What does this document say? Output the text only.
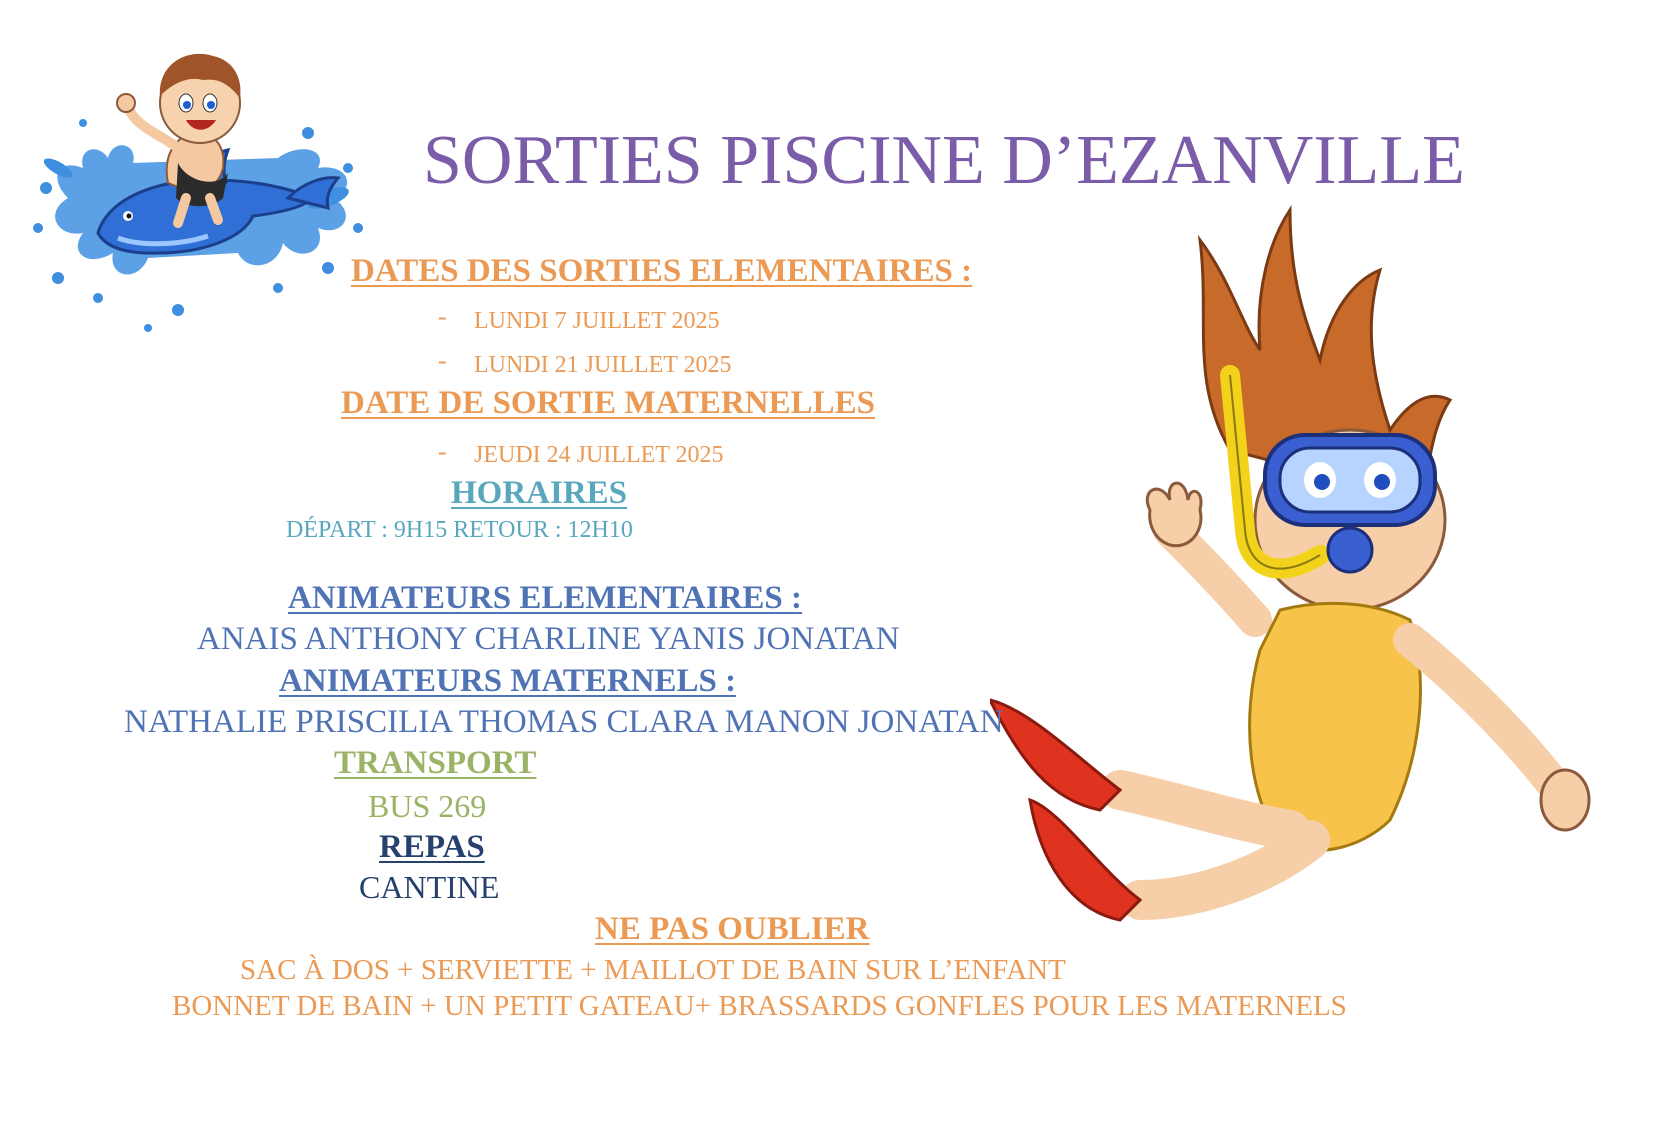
SORTIES PISCINE D’EZANVILLE
DATES DES SORTIES ELEMENTAIRES :
- LUNDI 7 JUILLET 2025
- LUNDI 21 JUILLET 2025
DATE DE SORTIE MATERNELLES
- JEUDI 24 JUILLET 2025
HORAIRES
DÉPART : 9H15 RETOUR : 12H10
ANIMATEURS ELEMENTAIRES :
ANAIS ANTHONY CHARLINE YANIS JONATAN
ANIMATEURS MATERNELS :
NATHALIE PRISCILIA THOMAS CLARA MANON JONATAN
TRANSPORT
BUS 269
REPAS
CANTINE
NE PAS OUBLIER
SAC À DOS + SERVIETTE + MAILLOT DE BAIN SUR L’ENFANT
BONNET DE BAIN + UN PETIT GATEAU+ BRASSARDS GONFLES POUR LES MATERNELS
